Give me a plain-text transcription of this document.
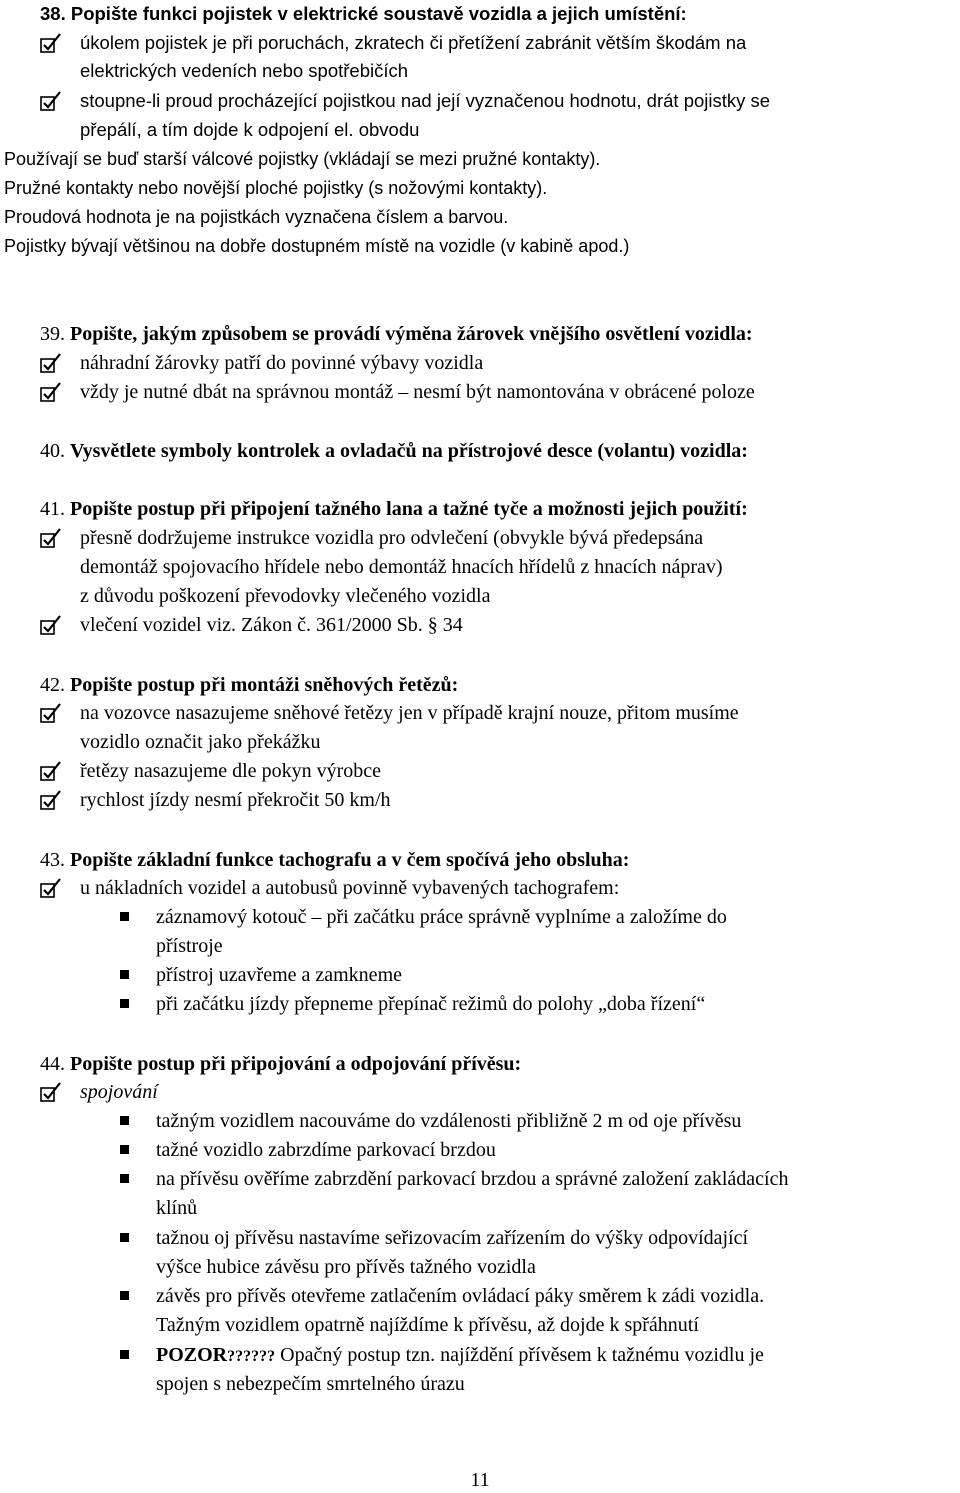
38. Popište funkci pojistek v elektrické soustavě vozidla a jejich umístění:
úkolem pojistek je při poruchách, zkratech či přetížení zabránit větším škodám na
elektrických vedeních nebo spotřebičích
stoupne-li proud procházející pojistkou nad její vyznačenou hodnotu, drát pojistky se
přepálí, a tím dojde k odpojení el. obvodu
Používají se buď starší válcové pojistky (vkládají se mezi pružné kontakty).
Pružné kontakty nebo novější ploché pojistky (s nožovými kontakty).
Proudová hodnota je na pojistkách vyznačena číslem a barvou.
Pojistky bývají většinou na dobře dostupném místě na vozidle (v kabině apod.)
39. Popište, jakým způsobem se provádí výměna žárovek vnějšího osvětlení vozidla:
náhradní žárovky patří do povinné výbavy vozidla
vždy je nutné dbát na správnou montáž – nesmí být namontována v obrácené poloze
40. Vysvětlete symboly kontrolek a ovladačů na přístrojové desce (volantu) vozidla:
41. Popište postup při připojení tažného lana a tažné tyče a možnosti jejich použití:
přesně dodržujeme instrukce vozidla pro odvlečení (obvykle bývá předepsána
demontáž spojovacího hřídele nebo demontáž hnacích hřídelů z hnacích náprav)
z důvodu poškození převodovky vlečeného vozidla
vlečení vozidel viz. Zákon č. 361/2000 Sb. § 34
42. Popište postup při montáži sněhových řetězů:
na vozovce nasazujeme sněhové řetězy jen v případě krajní nouze, přitom musíme
vozidlo označit jako překážku
řetězy nasazujeme dle pokyn výrobce
rychlost jízdy nesmí překročit 50 km/h
43. Popište základní funkce tachografu a v čem spočívá jeho obsluha:
u nákladních vozidel a autobusů povinně vybavených tachografem:
záznamový kotouč – při začátku práce správně vyplníme a založíme do
přístroje
přístroj uzavřeme a zamkneme
při začátku jízdy přepneme přepínač režimů do polohy „doba řízení“
44. Popište postup při připojování a odpojování přívěsu:
spojování
tažným vozidlem nacouváme do vzdálenosti přibližně 2 m od oje přívěsu
tažné vozidlo zabrzdíme parkovací brzdou
na přívěsu ověříme zabrzdění parkovací brzdou a správné založení zakládacích
klínů
tažnou oj přívěsu nastavíme seřizovacím zařízením do výšky odpovídající
výšce hubice závěsu pro přívěs tažného vozidla
závěs pro přívěs otevřeme zatlačením ovládací páky směrem k zádi vozidla.
Tažným vozidlem opatrně najíždíme k přívěsu, až dojde k spřáhnutí
POZOR?????? Opačný postup tzn. najíždění přívěsem k tažnému vozidlu je
spojen s nebezpečím smrtelného úrazu
11
